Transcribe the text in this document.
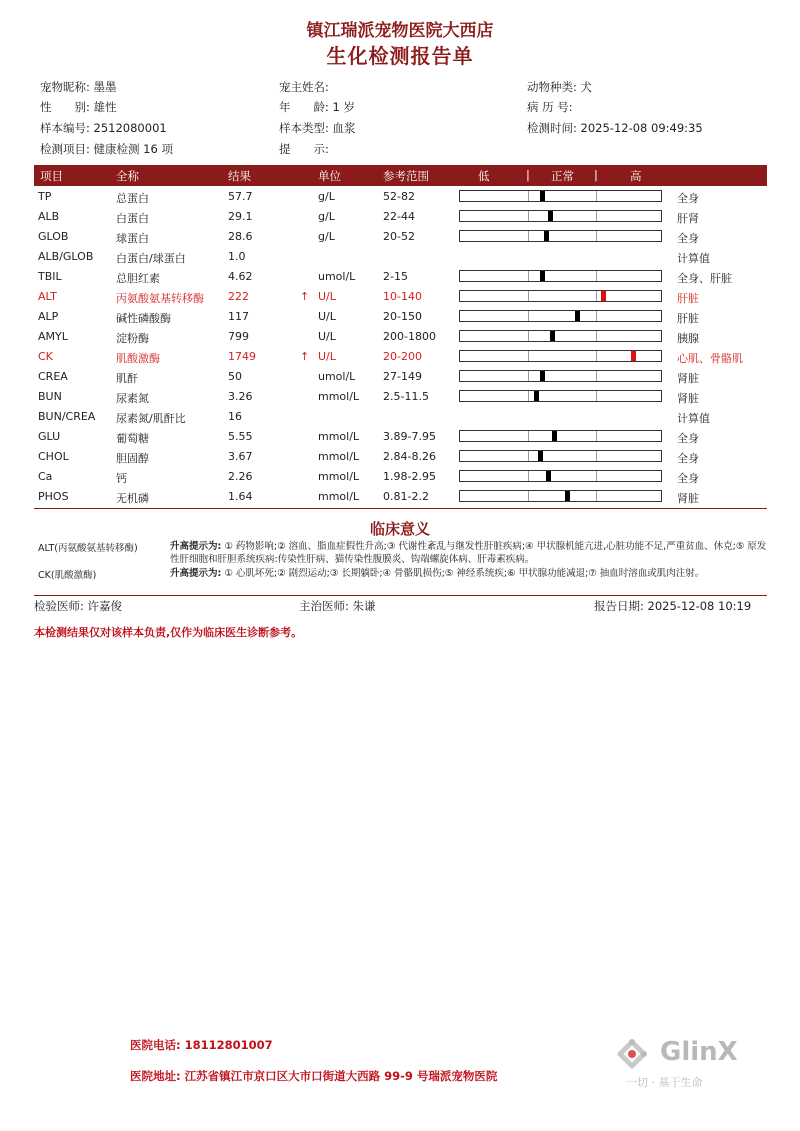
镇江瑞派宠物医院大西店
生化检测报告单
宠物昵称: 墨墨	宠主姓名:	动物种类: 犬
性　　别: 雄性	年　　龄: 1 岁	病 历 号:
样本编号: 2512080001	样本类型: 血浆	检测时间: 2025-12-08 09:49:35
检测项目: 健康检测 16 项	提　　示:
项目	全称	结果	单位	参考范围	低	| 正常 |	高
TP	总蛋白	57.7	g/L	52-82	全身
ALB	白蛋白	29.1	g/L	22-44	肝肾
GLOB	球蛋白	28.6	g/L	20-52	全身
ALB/GLOB 白蛋白/球蛋白	1.0	计算值
TBIL	总胆红素	4.62	umol/L	2-15	全身、肝脏
ALT	丙氨酸氨基转移酶 222	↑ U/L	10-140	肝脏
ALP	碱性磷酸酶	117	U/L	20-150	肝脏
AMYL	淀粉酶	799	U/L	200-1800	胰腺
CK	肌酸激酶	1749	↑ U/L	20-200	心肌、骨骼肌
CREA	肌酐	50	umol/L	27-149	肾脏
BUN	尿素氮	3.26	mmol/L 2.5-11.5	肾脏
BUN/CREA 尿素氮/肌酐比	16	计算值
GLU	葡萄糖	5.55	mmol/L 3.89-7.95	全身
CHOL	胆固醇	3.67	mmol/L 2.84-8.26	全身
Ca	钙	2.26	mmol/L 1.98-2.95	全身
PHOS	无机磷	1.64	mmol/L 0.81-2.2	肾脏
临床意义
ALT(丙氨酸氨基转移酶)	升高提示为: ① 药物影响;② 溶血、脂血症假性升高;③ 代谢性紊乱与继发性肝脏疾病;④ 甲状腺机能亢进,心脏功能不足,严重贫血、休克;⑤ 原发性肝细胞和肝胆系统疾病:传染性肝病、猫传染性腹膜炎、钩端螺旋体病、肝毒素疾病。
CK(肌酸激酶)	升高提示为: ① 心肌坏死;② 剧烈运动;③ 长期躺卧;④ 骨骼肌损伤;⑤ 神经系统疾;⑥ 甲状腺功能减退;⑦ 抽血时溶血或肌肉注射。
检验医师: 许嘉俊	主治医师: 朱谦	报告日期: 2025-12-08 10:19
本检测结果仅对该样本负责,仅作为临床医生诊断参考。
医院电话: 18112801007
医院地址: 江苏省镇江市京口区大市口街道大西路 99-9 号瑞派宠物医院
GlinX
一切 · 基于生命
